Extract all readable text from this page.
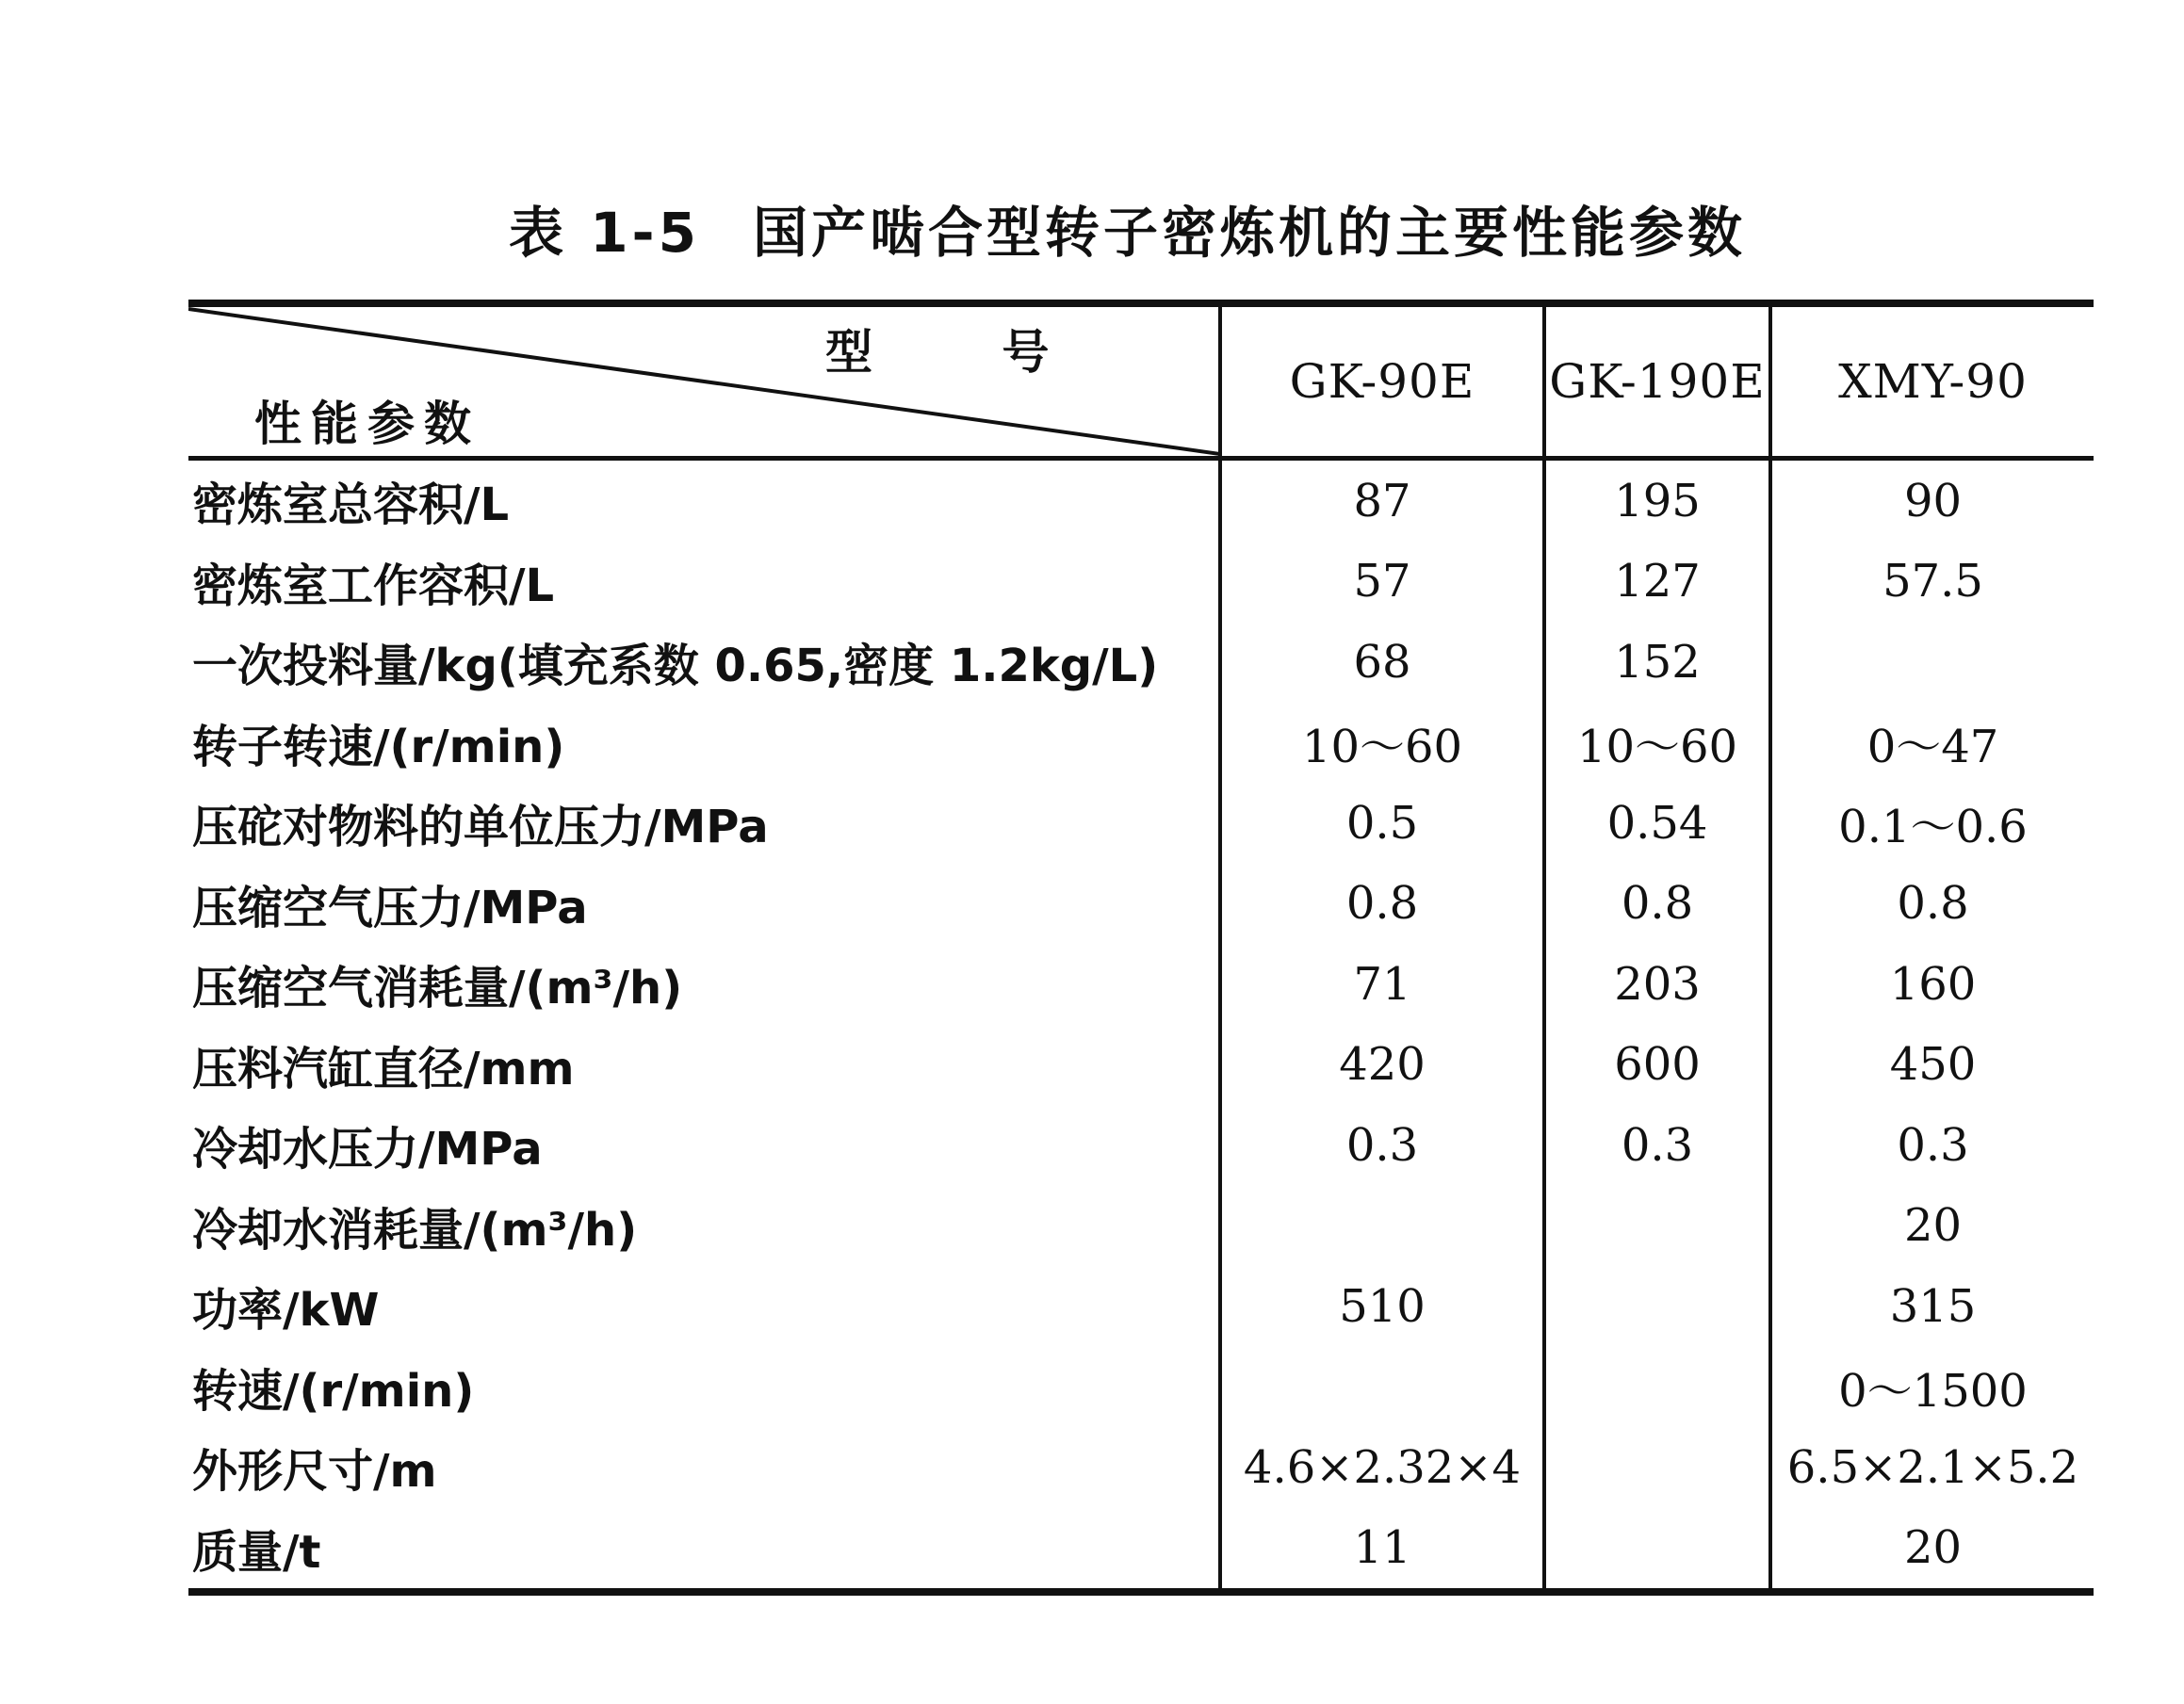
表 1-5 国产啮合型转子密炼机的主要性能参数
型 号
性能参数	GK-90E	GK-190E	XMY-90
密炼室总容积/L	87	195	90
密炼室工作容积/L	57	127	57.5
一次投料量/kg(填充系数 0.65,密度 1.2kg/L)	68	152	
转子转速/(r/min)	10～60	10～60	0～47
压砣对物料的单位压力/MPa	0.5	0.54	0.1～0.6
压缩空气压力/MPa	0.8	0.8	0.8
压缩空气消耗量/(m³/h)	71	203	160
压料汽缸直径/mm	420	600	450
冷却水压力/MPa	0.3	0.3	0.3
冷却水消耗量/(m³/h)			20
功率/kW	510		315
转速/(r/min)			0～1500
外形尺寸/m	4.6×2.32×4		6.5×2.1×5.2
质量/t	11		20
